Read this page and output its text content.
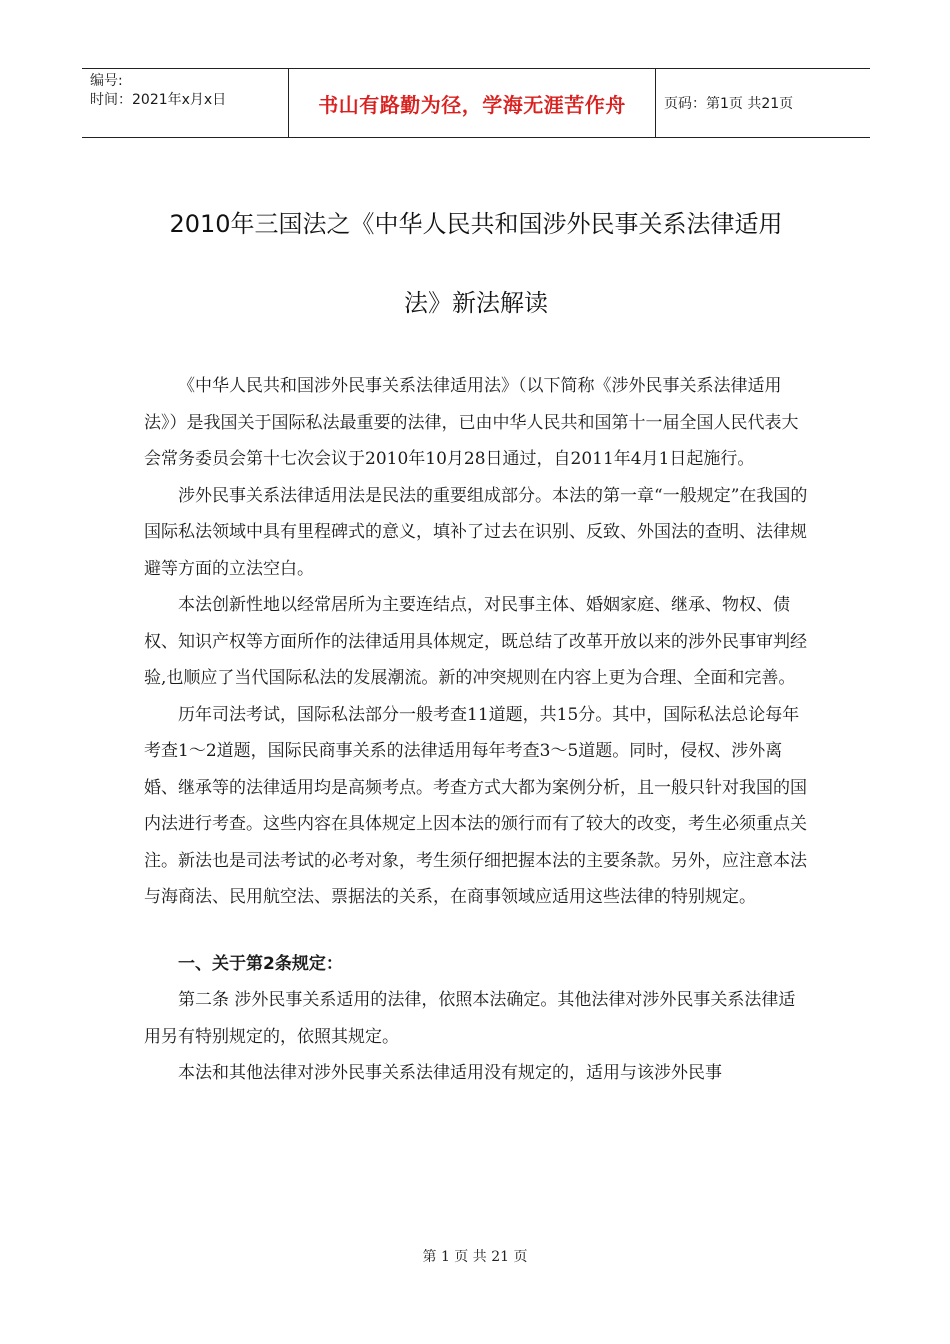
编号:
时间：2021年x月x日	书山有路勤为径，学海无涯苦作舟	页码：第1页 共21页
2010年三国法之《中华人民共和国涉外民事关系法律适用
法》新法解读

《中华人民共和国涉外民事关系法律适用法》（以下简称《涉外民事关系法律适用法》）是我国关于国际私法最重要的法律，已由中华人民共和国第十一届全国人民代表大会常务委员会第十七次会议于2010年10月28日通过，自2011年4月1日起施行。

涉外民事关系法律适用法是民法的重要组成部分。本法的第一章“一般规定”在我国的国际私法领域中具有里程碑式的意义，填补了过去在识别、反致、外国法的查明、法律规避等方面的立法空白。

本法创新性地以经常居所为主要连结点，对民事主体、婚姻家庭、继承、物权、债权、知识产权等方面所作的法律适用具体规定，既总结了改革开放以来的涉外民事审判经验,也顺应了当代国际私法的发展潮流。新的冲突规则在内容上更为合理、全面和完善。

历年司法考试，国际私法部分一般考查11道题，共15分。其中，国际私法总论每年考查1～2道题，国际民商事关系的法律适用每年考查3～5道题。同时，侵权、涉外离婚、继承等的法律适用均是高频考点。考查方式大都为案例分析，且一般只针对我国的国内法进行考查。这些内容在具体规定上因本法的颁行而有了较大的改变，考生必须重点关注。新法也是司法考试的必考对象，考生须仔细把握本法的主要条款。另外，应注意本法与海商法、民用航空法、票据法的关系，在商事领域应适用这些法律的特别规定。

一、关于第2条规定：

第二条 涉外民事关系适用的法律，依照本法确定。其他法律对涉外民事关系法律适用另有特别规定的，依照其规定。

本法和其他法律对涉外民事关系法律适用没有规定的，适用与该涉外民事

第 1 页 共 21 页
